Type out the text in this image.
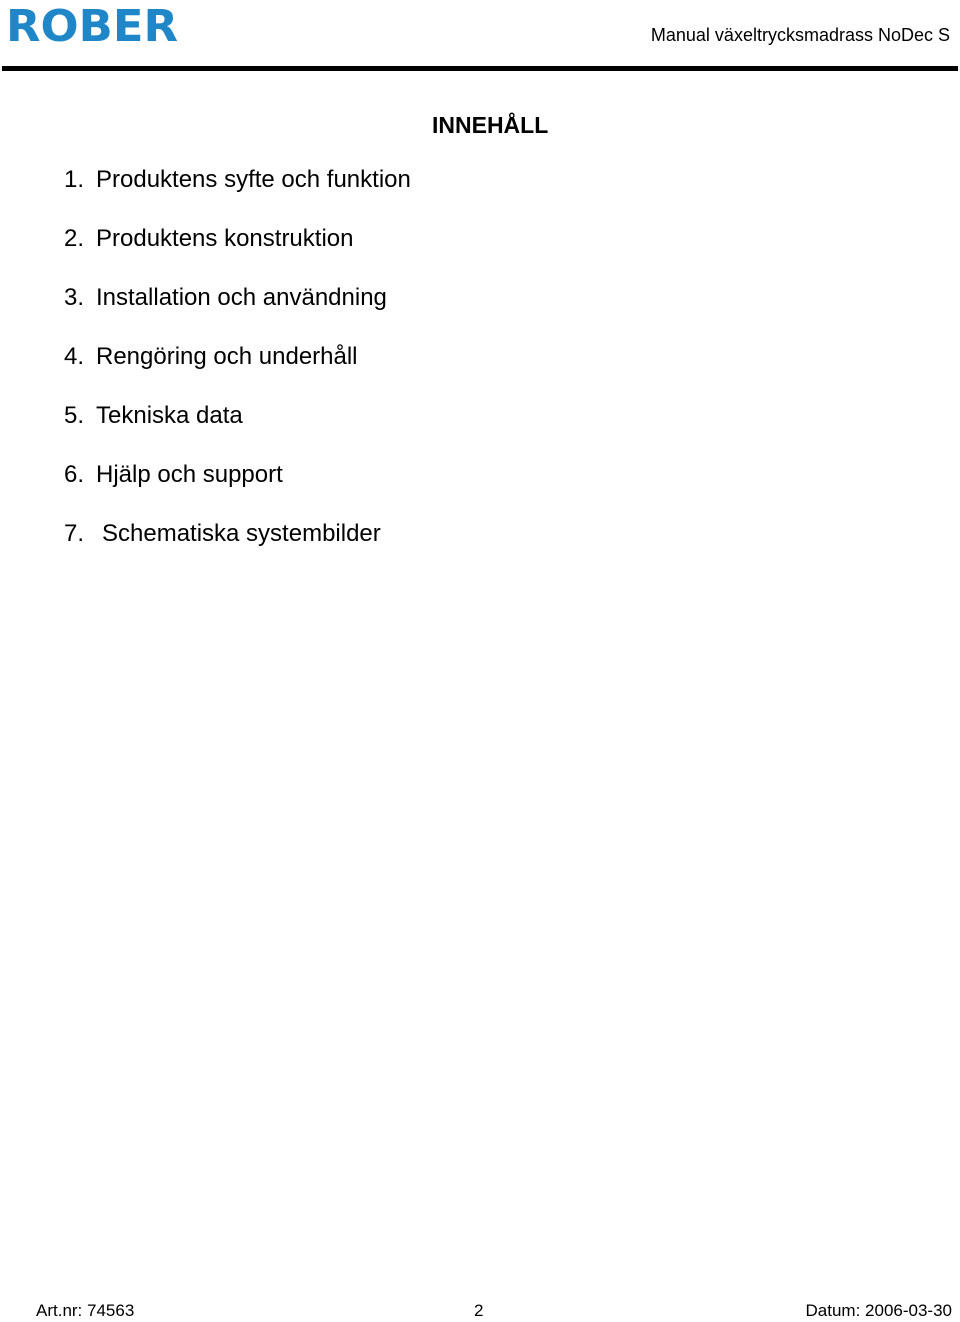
ROBER	Manual växeltrycksmadrass NoDec S
INNEHÅLL
1. Produktens syfte och funktion
2. Produktens konstruktion
3. Installation och användning
4. Rengöring och underhåll
5. Tekniska data
6. Hjälp och support
7. Schematiska systembilder
Art.nr: 74563	2	Datum: 2006-03-30
